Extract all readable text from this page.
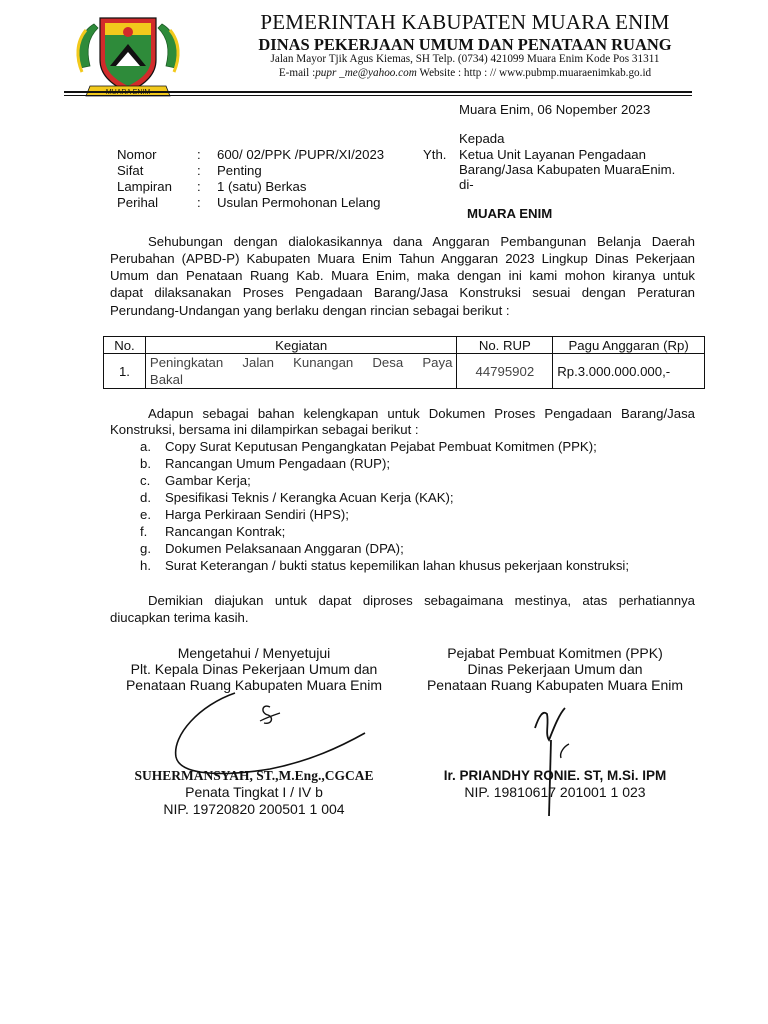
PEMERINTAH KABUPATEN MUARA ENIM
DINAS PEKERJAAN UMUM DAN PENATAAN RUANG
Jalan Mayor Tjik Agus Kiemas, SH Telp. (0734) 421099 Muara Enim Kode Pos 31311
E-mail :pupr _me@yahoo.com Website : http : // www.pubmp.muaraenimkab.go.id
Muara Enim, 06 Nopember 2023
Kepada
Yth. Ketua Unit Layanan Pengadaan
Barang/Jasa Kabupaten MuaraEnim.
di-
MUARA ENIM
Nomor	: 600/ 02/PPK /PUPR/XI/2023
Sifat	: Penting
Lampiran : 1 (satu) Berkas
Perihal	: Usulan Permohonan Lelang
Sehubungan dengan dialokasikannya dana Anggaran Pembangunan Belanja Daerah
Perubahan (APBD-P) Kabupaten Muara Enim Tahun Anggaran 2023 Lingkup Dinas Pekerjaan
Umum dan Penataan Ruang Kab. Muara Enim, maka dengan ini kami mohon kiranya untuk
dapat dilaksanakan Proses Pengadaan Barang/Jasa Konstruksi sesuai dengan Peraturan
Perundang-Undangan yang berlaku dengan rincian sebagai berikut :
No.	Kegiatan	No. RUP	Pagu Anggaran (Rp)
1.	Peningkatan Jalan Kunangan Desa Paya
Bakal	44795902	Rp.3.000.000.000,-
Adapun sebagai bahan kelengkapan untuk Dokumen Proses Pengadaan Barang/Jasa
Konstruksi, bersama ini dilampirkan sebagai berikut :
a. Copy Surat Keputusan Pengangkatan Pejabat Pembuat Komitmen (PPK);
b. Rancangan Umum Pengadaan (RUP);
c. Gambar Kerja;
d. Spesifikasi Teknis / Kerangka Acuan Kerja (KAK);
e. Harga Perkiraan Sendiri (HPS);
f. Rancangan Kontrak;
g. Dokumen Pelaksanaan Anggaran (DPA);
h. Surat Keterangan / bukti status kepemilikan lahan khusus pekerjaan konstruksi;
Demikian diajukan untuk dapat diproses sebagaimana mestinya, atas perhatiannya
diucapkan terima kasih.
Mengetahui / Menyetujui
Plt. Kepala Dinas Pekerjaan Umum dan
Penataan Ruang Kabupaten Muara Enim
SUHERMANSYAH, ST.,M.Eng.,CGCAE
Penata Tingkat I / IV b
NIP. 19720820 200501 1 004
Pejabat Pembuat Komitmen (PPK)
Dinas Pekerjaan Umum dan
Penataan Ruang Kabupaten Muara Enim
Ir. PRIANDHY RONIE. ST, M.Si. IPM
NIP. 19810617 201001 1 023
